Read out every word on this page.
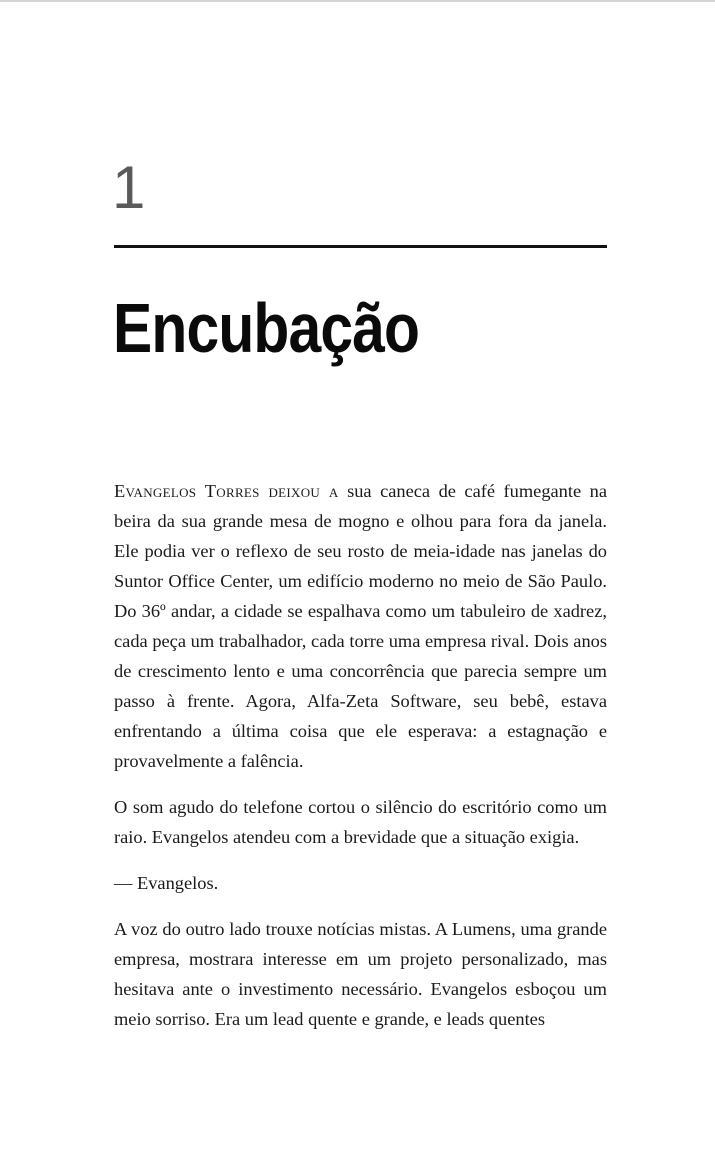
1
Encubação

Evangelos Torres deixou a sua caneca de café fumegante na beira da sua grande mesa de mogno e olhou para fora da janela. Ele podia ver o reflexo de seu rosto de meia-idade nas janelas do Suntor Office Center, um edifício moderno no meio de São Paulo. Do 36º andar, a cidade se espalhava como um tabuleiro de xadrez, cada peça um trabalhador, cada torre uma empresa rival. Dois anos de crescimento lento e uma concorrência que parecia sempre um passo à frente. Agora, Alfa-Zeta Software, seu bebê, estava enfrentando a última coisa que ele esperava: a estagnação e provavelmente a falência.

O som agudo do telefone cortou o silêncio do escritório como um raio. Evangelos atendeu com a brevidade que a situação exigia.

— Evangelos.

A voz do outro lado trouxe notícias mistas. A Lumens, uma grande empresa, mostrara interesse em um projeto personalizado, mas hesitava ante o investimento necessário. Evangelos esboçou um meio sorriso. Era um lead quente e grande, e leads quentes
